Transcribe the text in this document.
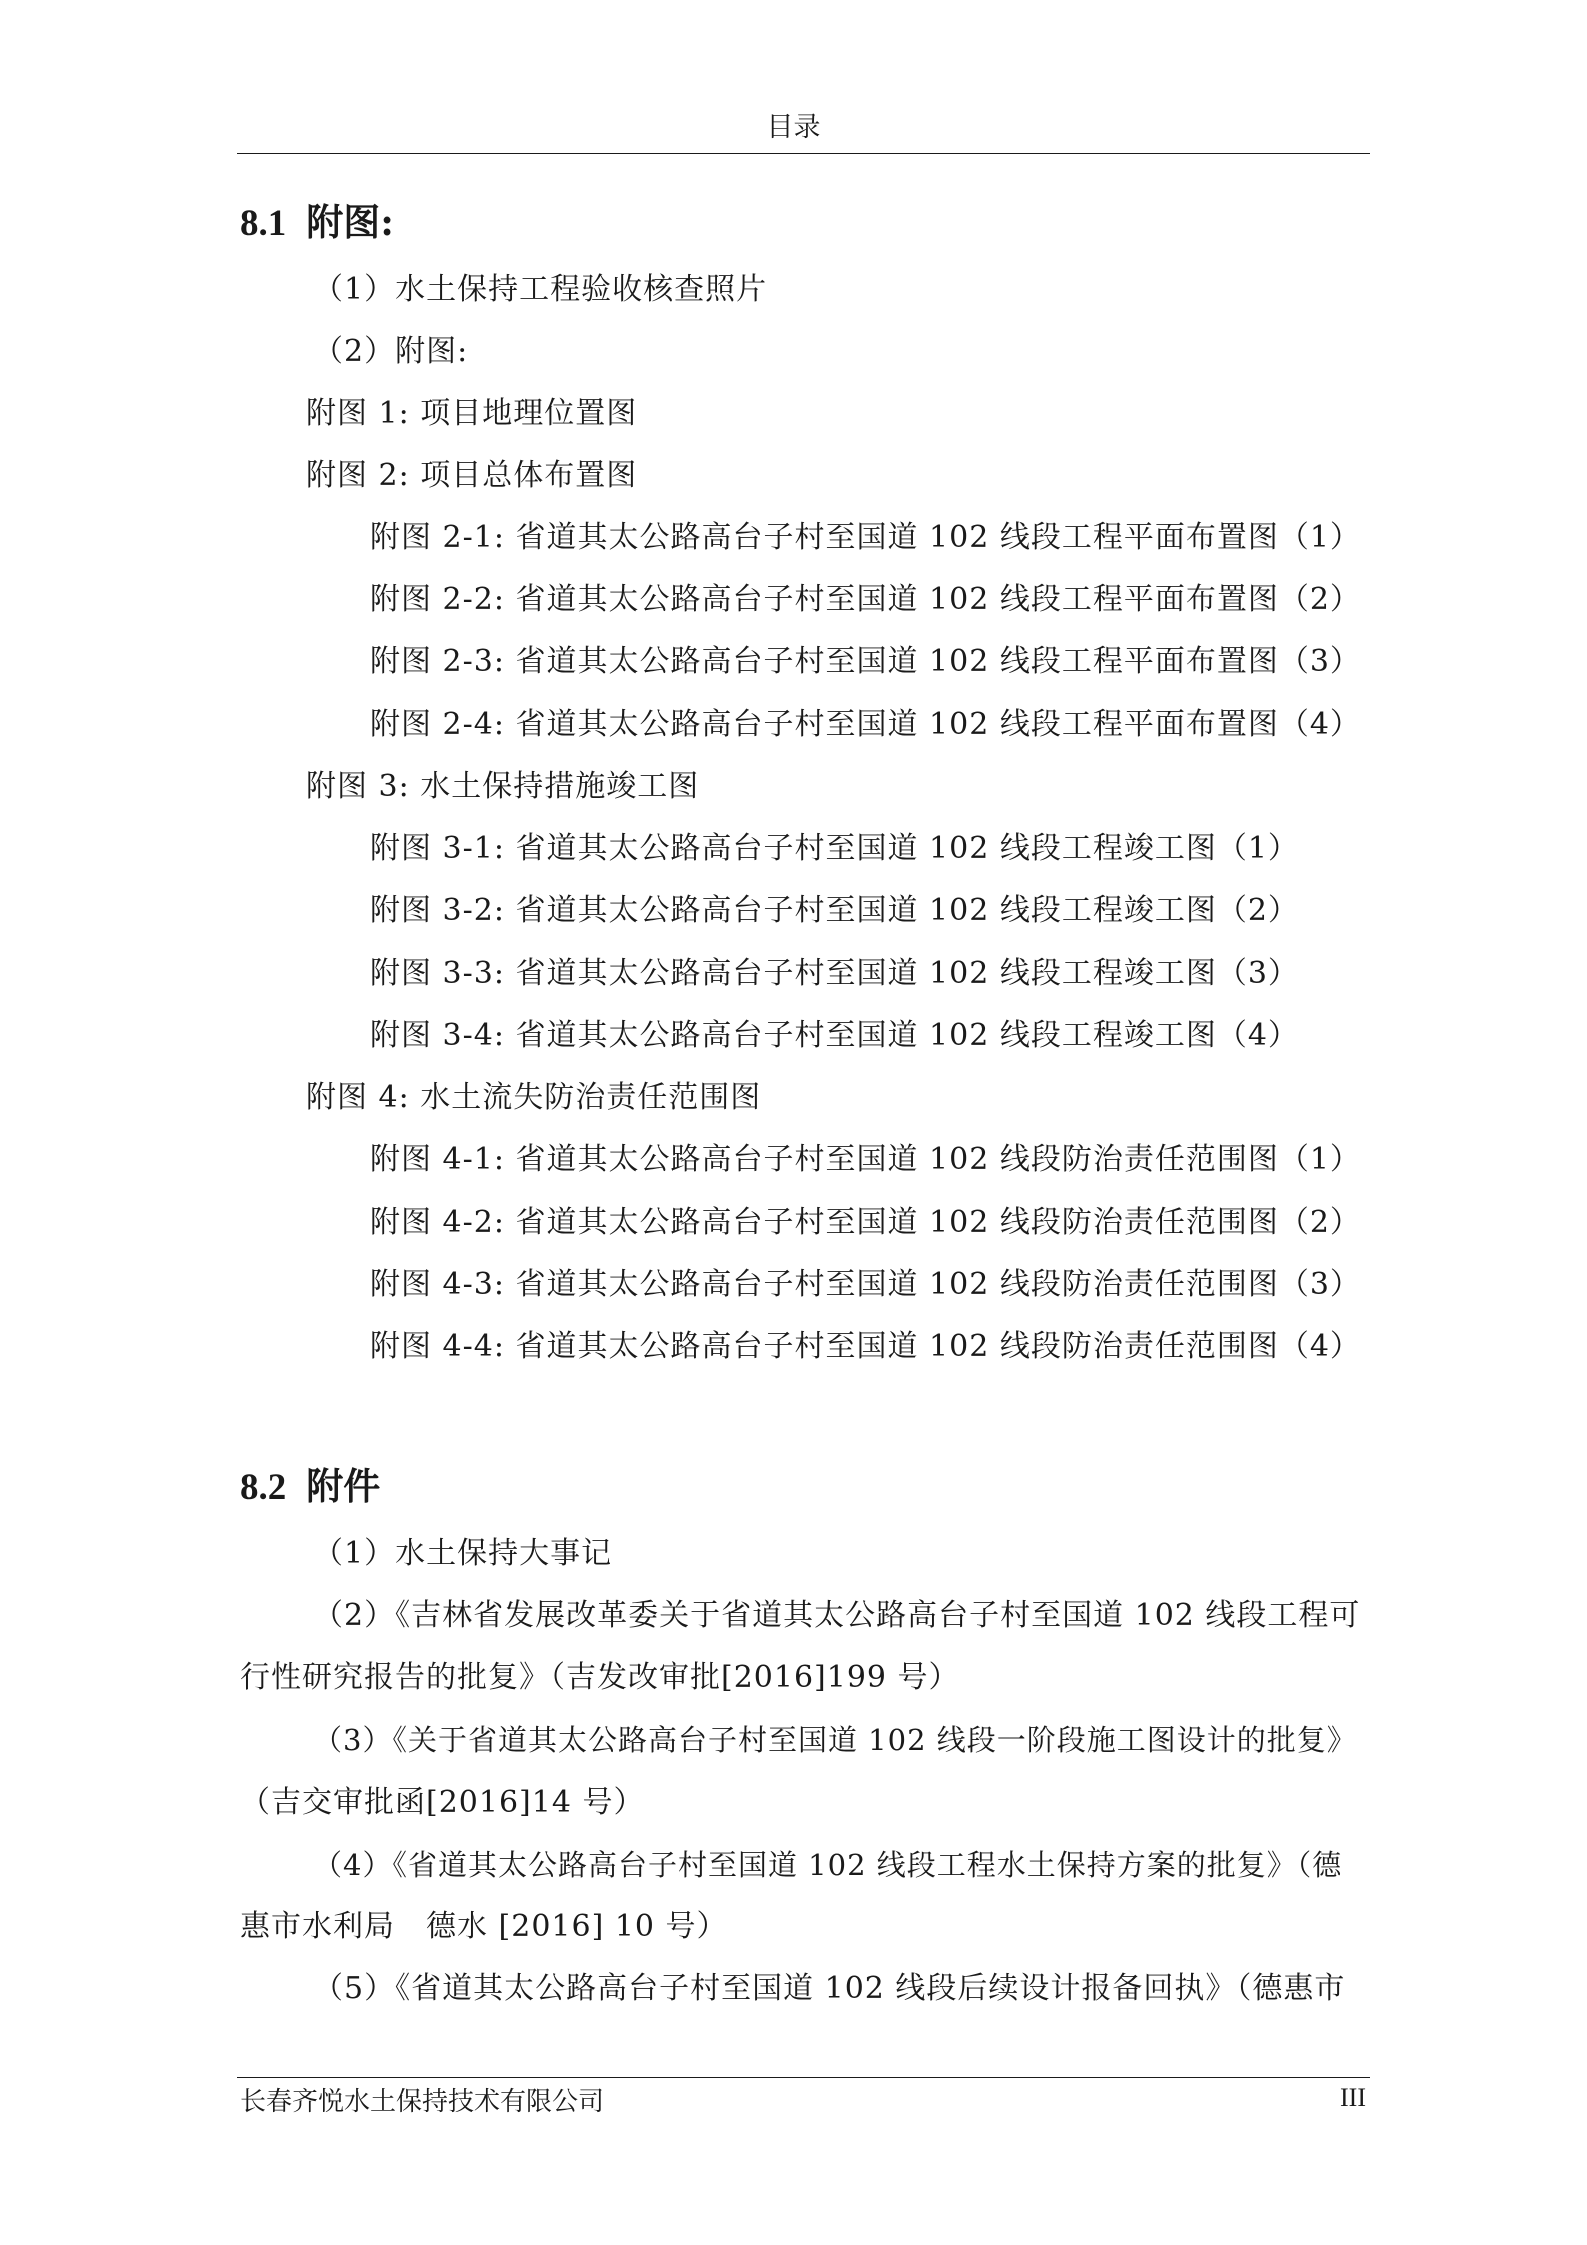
目录
8.1 附图:
（1）水土保持工程验收核查照片
（2）附图:
附图 1: 项目地理位置图
附图 2: 项目总体布置图
附图 2-1: 省道其太公路高台子村至国道 102 线段工程平面布置图（1）
附图 2-2: 省道其太公路高台子村至国道 102 线段工程平面布置图（2）
附图 2-3: 省道其太公路高台子村至国道 102 线段工程平面布置图（3）
附图 2-4: 省道其太公路高台子村至国道 102 线段工程平面布置图（4）
附图 3: 水土保持措施竣工图
附图 3-1: 省道其太公路高台子村至国道 102 线段工程竣工图（1）
附图 3-2: 省道其太公路高台子村至国道 102 线段工程竣工图（2）
附图 3-3: 省道其太公路高台子村至国道 102 线段工程竣工图（3）
附图 3-4: 省道其太公路高台子村至国道 102 线段工程竣工图（4）
附图 4: 水土流失防治责任范围图
附图 4-1: 省道其太公路高台子村至国道 102 线段防治责任范围图（1）
附图 4-2: 省道其太公路高台子村至国道 102 线段防治责任范围图（2）
附图 4-3: 省道其太公路高台子村至国道 102 线段防治责任范围图（3）
附图 4-4: 省道其太公路高台子村至国道 102 线段防治责任范围图（4）
8.2 附件
（1）水土保持大事记
（2）《吉林省发展改革委关于省道其太公路高台子村至国道 102 线段工程可
行性研究报告的批复》（吉发改审批[2016]199 号）
（3）《关于省道其太公路高台子村至国道 102 线段一阶段施工图设计的批复》
（吉交审批函[2016]14 号）
（4）《省道其太公路高台子村至国道 102 线段工程水土保持方案的批复》（德
惠市水利局　德水 [2016] 10 号）
（5）《省道其太公路高台子村至国道 102 线段后续设计报备回执》（德惠市
长春齐悦水土保持技术有限公司	III
